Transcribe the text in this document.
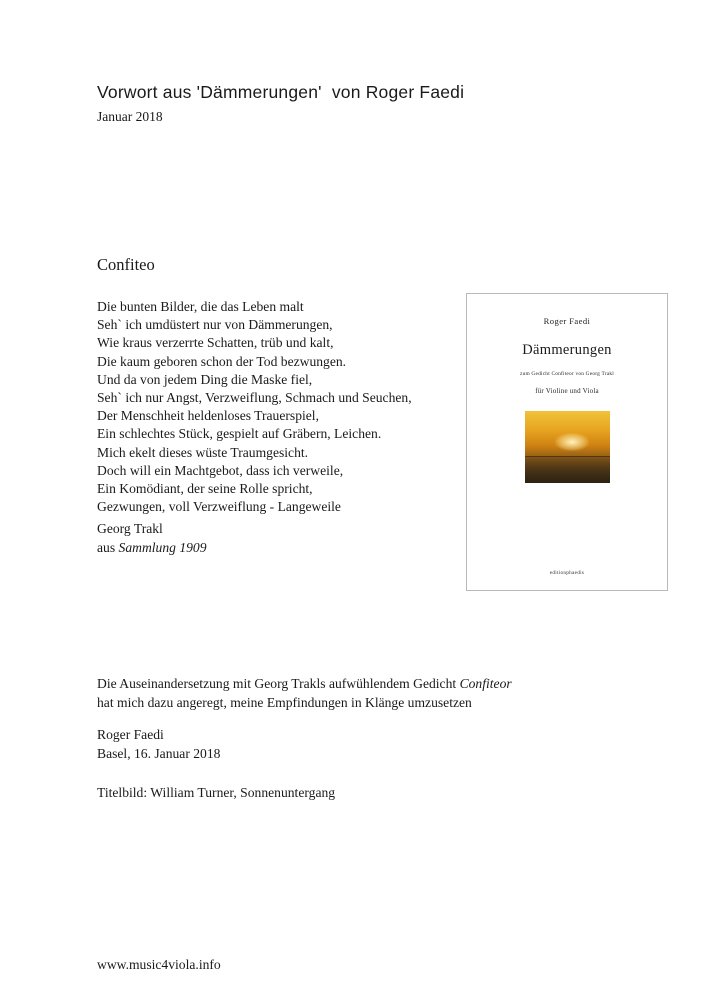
Vorwort aus 'Dämmerungen'  von Roger Faedi
Januar 2018
Confiteo
Die bunten Bilder, die das Leben malt
Seh` ich umdüstert nur von Dämmerungen,
Wie kraus verzerrte Schatten, trüb und kalt,
Die kaum geboren schon der Tod bezwungen.
Und da von jedem Ding die Maske fiel,
Seh` ich nur Angst, Verzweiflung, Schmach und Seuchen,
Der Menschheit heldenloses Trauerspiel,
Ein schlechtes Stück, gespielt auf Gräbern, Leichen.
Mich ekelt dieses wüste Traumgesicht.
Doch will ein Machtgebot, dass ich verweile,
Ein Komödiant, der seine Rolle spricht,
Gezwungen, voll Verzweiflung - Langeweile
Georg Trakl
aus Sammlung 1909
Roger Faedi
Dämmerungen
zum Gedicht Confiteor von Georg Trakl
für Violine und Viola
editionphaedis
Die Auseinandersetzung mit Georg Trakls aufwühlendem Gedicht Confiteor
hat mich dazu angeregt, meine Empfindungen in Klänge umzusetzen
Roger Faedi
Basel, 16. Januar 2018
Titelbild: William Turner, Sonnenuntergang
www.music4viola.info
